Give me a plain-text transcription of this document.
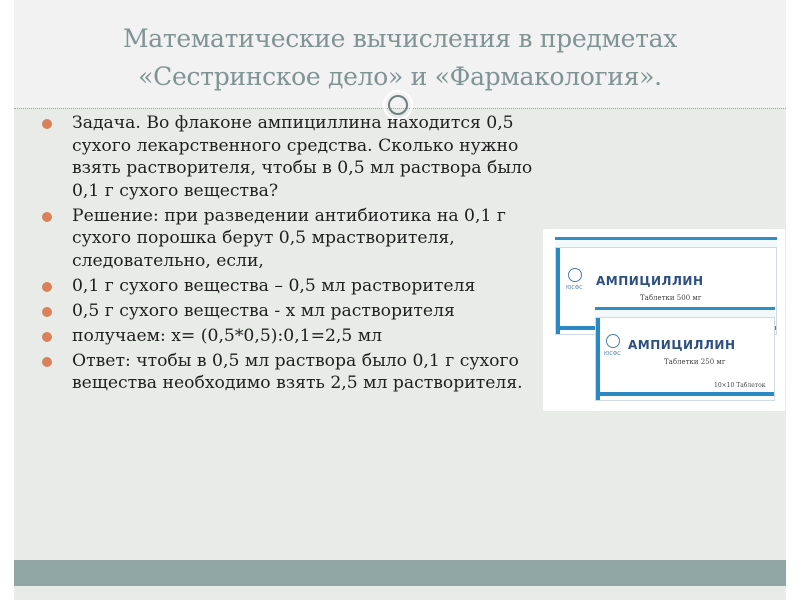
Математические вычисления в предметах
«Сестринское дело» и «Фармакология».
Задача. Во флаконе ампициллина находится 0,5 сухого лекарственного средства. Сколько нужно взять растворителя, чтобы в 0,5 мл раствора было 0,1 г сухого вещества?
Решение: при разведении антибиотика на 0,1 г сухого порошка берут 0,5 мрастворителя, следовательно, если,
0,1 г сухого вещества – 0,5 мл растворителя
0,5 г сухого вещества - х мл растворителя
получаем: х= (0,5*0,5):0,1=2,5 мл
Ответ: чтобы в 0,5 мл раствора было 0,1 г сухого вещества необходимо взять 2,5 мл растворителя.
ЮСФС АМПИЦИЛЛИН
Таблетки 500 мг
ЮСФС
АМПИЦИЛЛИН
Таблетки 250 мг
10×10 Таблеток
